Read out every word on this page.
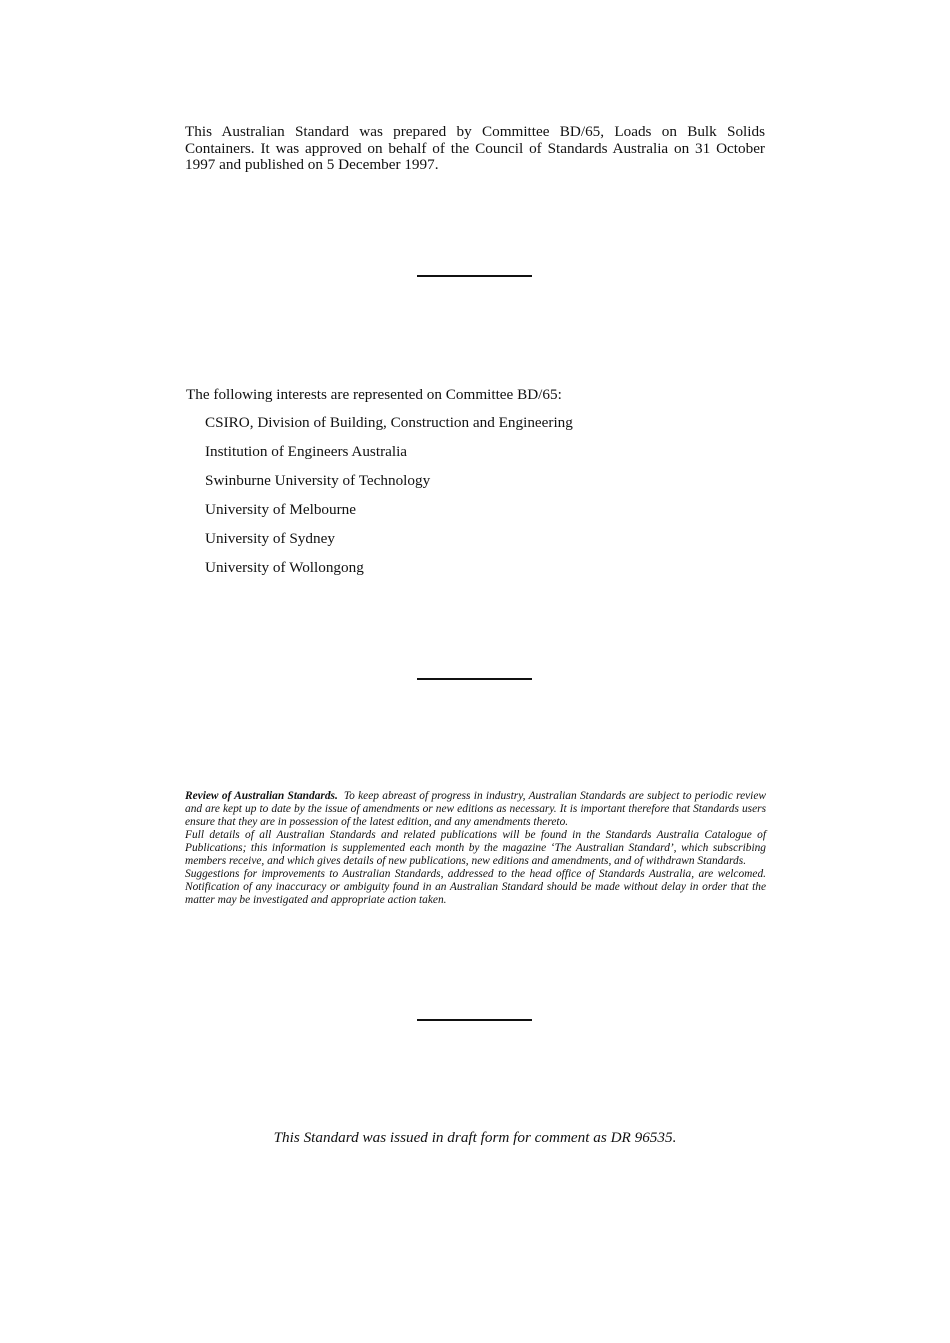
This Australian Standard was prepared by Committee BD/65, Loads on Bulk Solids Containers. It was approved on behalf of the Council of Standards Australia on 31 October 1997 and published on 5 December 1997.

The following interests are represented on Committee BD/65:

CSIRO, Division of Building, Construction and Engineering
Institution of Engineers Australia
Swinburne University of Technology
University of Melbourne
University of Sydney
University of Wollongong

Review of Australian Standards. To keep abreast of progress in industry, Australian Standards are subject to periodic review and are kept up to date by the issue of amendments or new editions as necessary. It is important therefore that Standards users ensure that they are in possession of the latest edition, and any amendments thereto.

Full details of all Australian Standards and related publications will be found in the Standards Australia Catalogue of Publications; this information is supplemented each month by the magazine ‘The Australian Standard’, which subscribing members receive, and which gives details of new publications, new editions and amendments, and of withdrawn Standards.

Suggestions for improvements to Australian Standards, addressed to the head office of Standards Australia, are welcomed. Notification of any inaccuracy or ambiguity found in an Australian Standard should be made without delay in order that the matter may be investigated and appropriate action taken.

This Standard was issued in draft form for comment as DR 96535.
